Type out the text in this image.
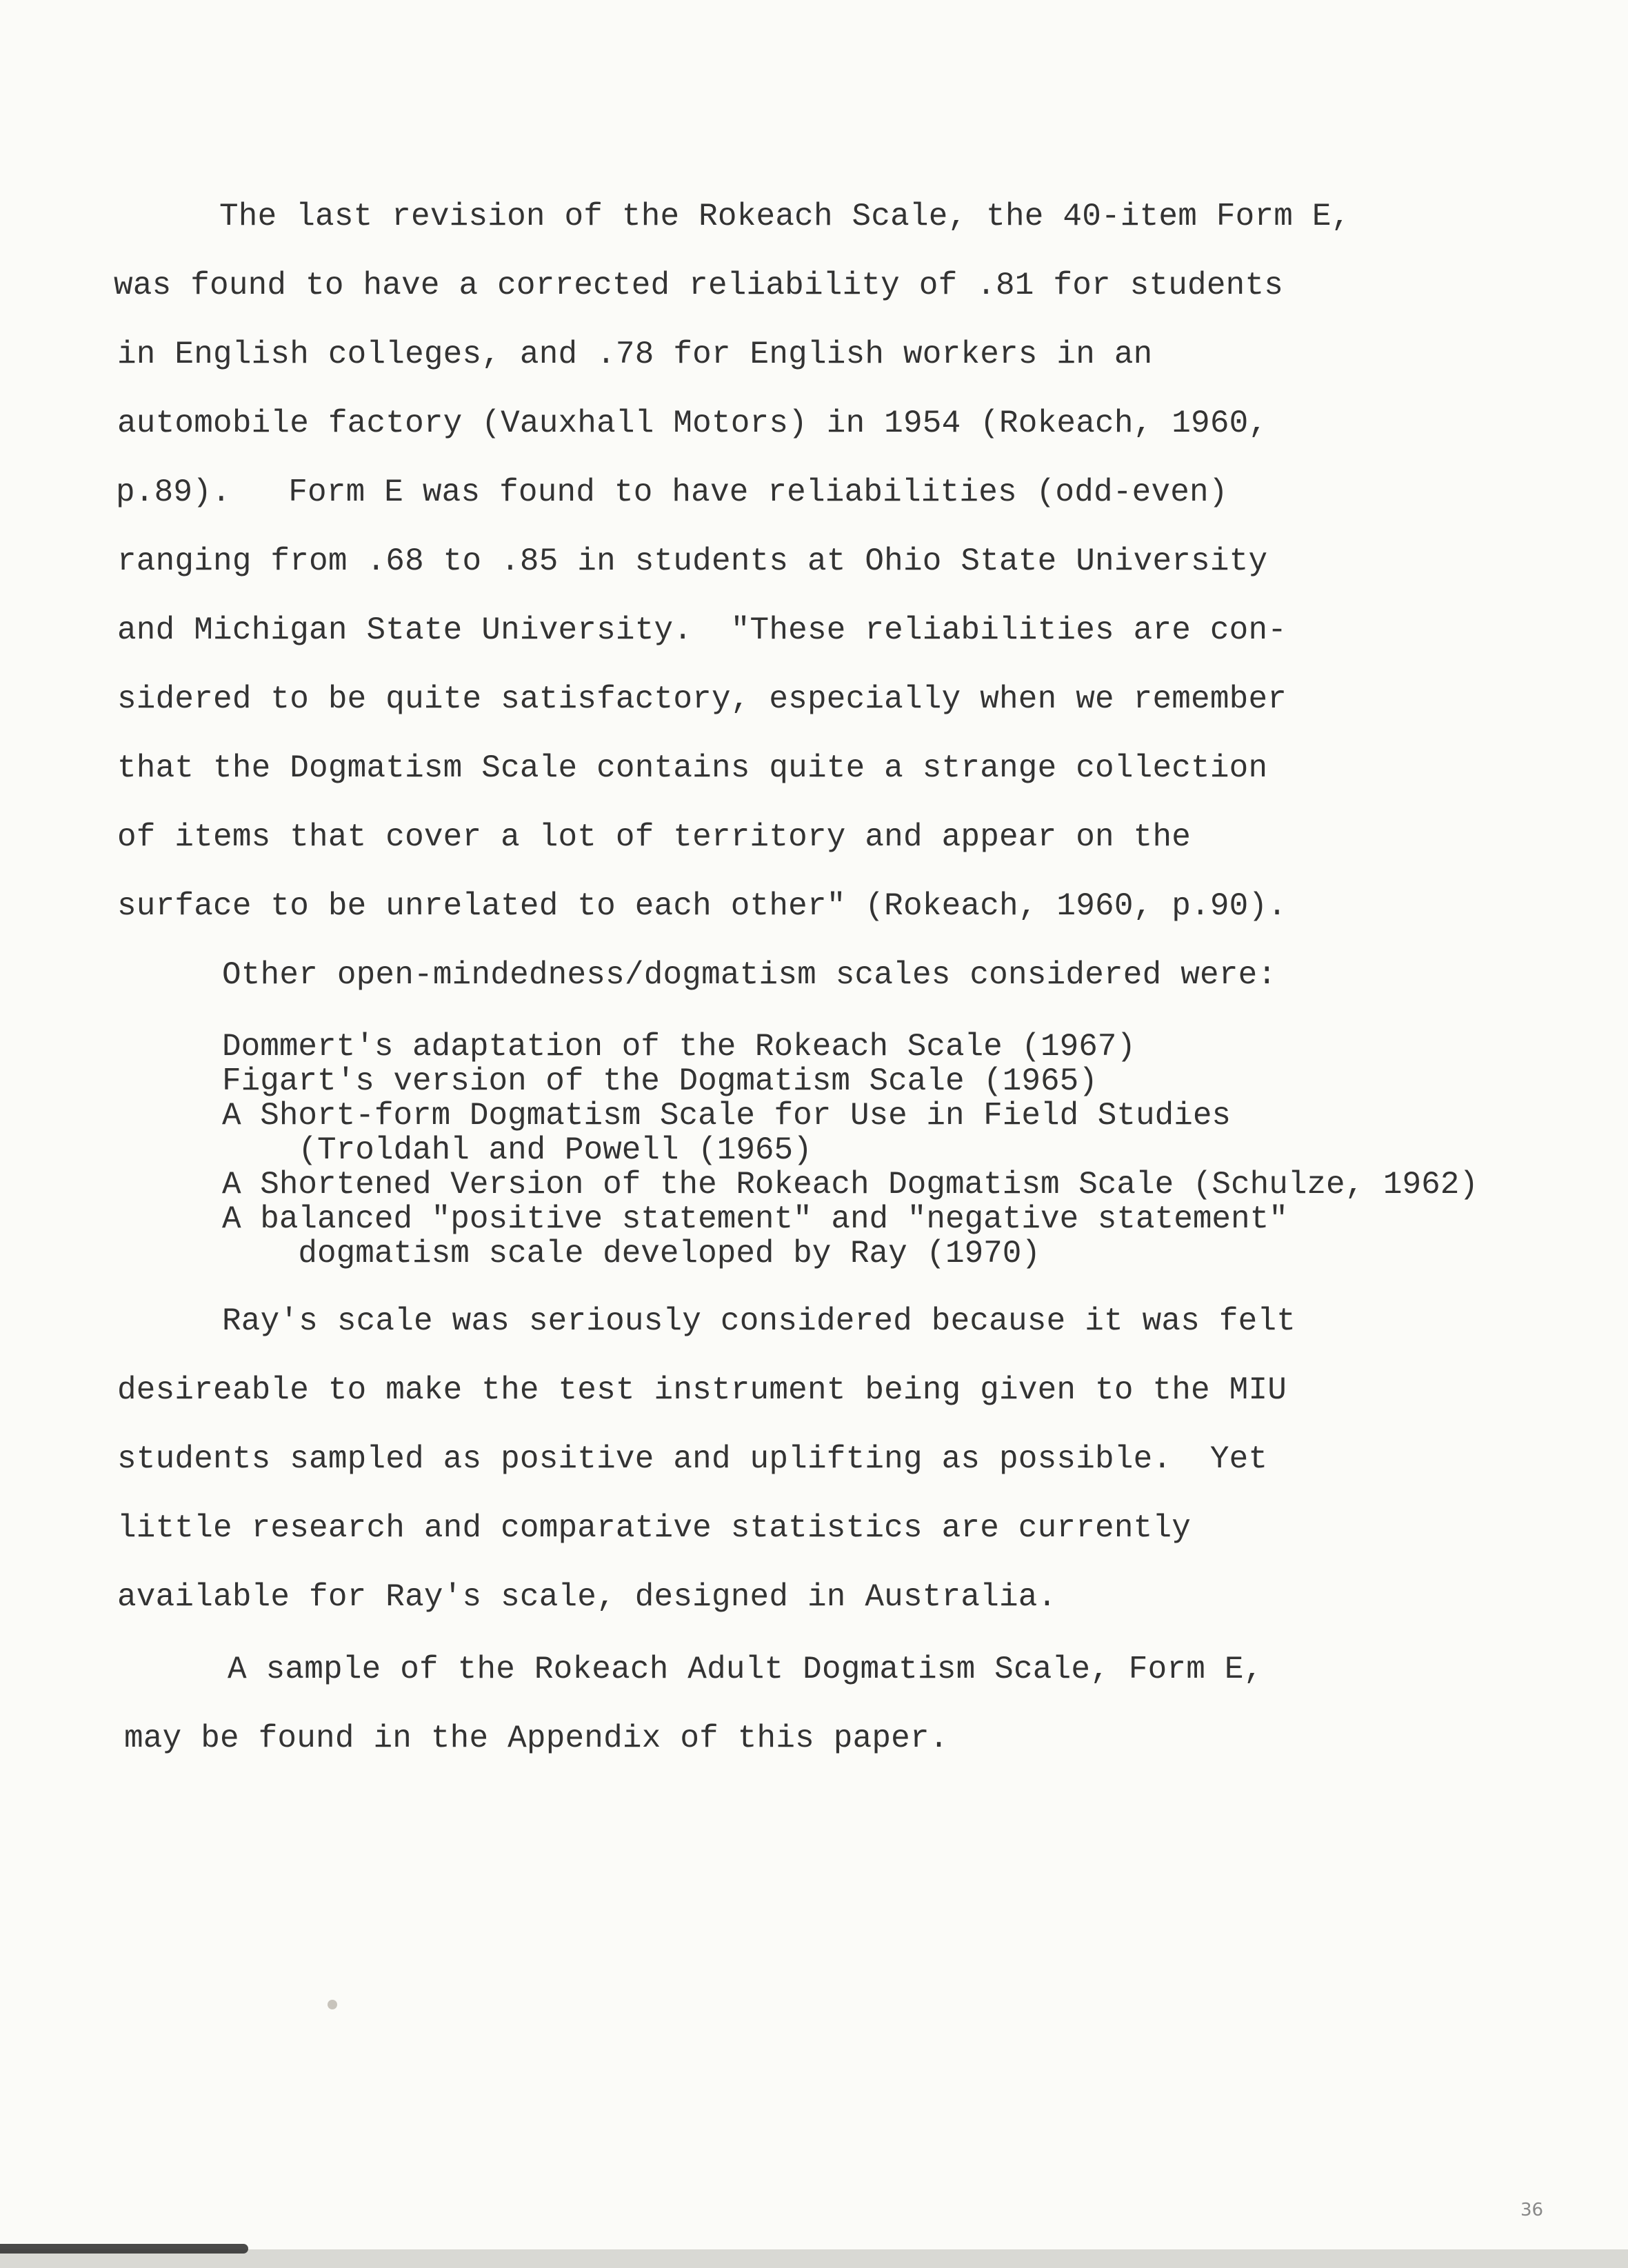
The last revision of the Rokeach Scale, the 40-item Form E,
was found to have a corrected reliability of .81 for students
in English colleges, and .78 for English workers in an
automobile factory (Vauxhall Motors) in 1954 (Rokeach, 1960,
p.89).   Form E was found to have reliabilities (odd-even)
ranging from .68 to .85 in students at Ohio State University
and Michigan State University.  "These reliabilities are con-
sidered to be quite satisfactory, especially when we remember
that the Dogmatism Scale contains quite a strange collection
of items that cover a lot of territory and appear on the
surface to be unrelated to each other" (Rokeach, 1960, p.90).
Other open-mindedness/dogmatism scales considered were:
Dommert's adaptation of the Rokeach Scale (1967)
Figart's version of the Dogmatism Scale (1965)
A Short-form Dogmatism Scale for Use in Field Studies
(Troldahl and Powell (1965)
A Shortened Version of the Rokeach Dogmatism Scale (Schulze, 1962)
A balanced "positive statement" and "negative statement"
dogmatism scale developed by Ray (1970)
Ray's scale was seriously considered because it was felt
desireable to make the test instrument being given to the MIU
students sampled as positive and uplifting as possible.  Yet
little research and comparative statistics are currently
available for Ray's scale, designed in Australia.
A sample of the Rokeach Adult Dogmatism Scale, Form E,
may be found in the Appendix of this paper.
36
